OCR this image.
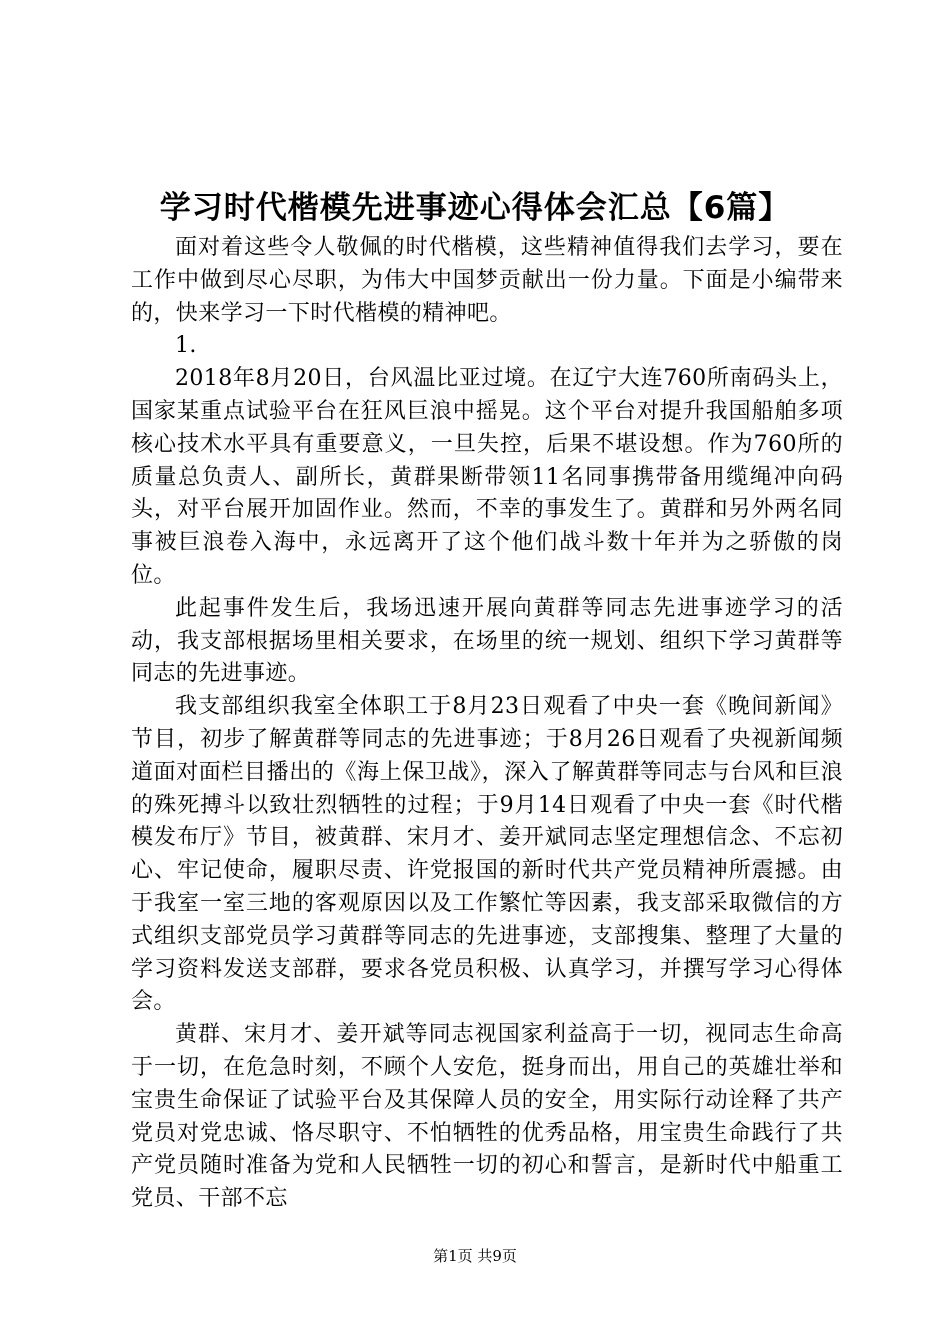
学习时代楷模先进事迹心得体会汇总【6篇】

面对着这些令人敬佩的时代楷模，这些精神值得我们去学习，要在工作中做到尽心尽职，为伟大中国梦贡献出一份力量。下面是小编带来的，快来学习一下时代楷模的精神吧。

1.

2018年8月20日，台风温比亚过境。在辽宁大连760所南码头上，国家某重点试验平台在狂风巨浪中摇晃。这个平台对提升我国船舶多项核心技术水平具有重要意义，一旦失控，后果不堪设想。作为760所的质量总负责人、副所长，黄群果断带领11名同事携带备用缆绳冲向码头，对平台展开加固作业。然而，不幸的事发生了。黄群和另外两名同事被巨浪卷入海中，永远离开了这个他们战斗数十年并为之骄傲的岗位。

此起事件发生后，我场迅速开展向黄群等同志先进事迹学习的活动，我支部根据场里相关要求，在场里的统一规划、组织下学习黄群等同志的先进事迹。

我支部组织我室全体职工于8月23日观看了中央一套《晚间新闻》节目，初步了解黄群等同志的先进事迹；于8月26日观看了央视新闻频道面对面栏目播出的《海上保卫战》，深入了解黄群等同志与台风和巨浪的殊死搏斗以致壮烈牺牲的过程；于9月14日观看了中央一套《时代楷模发布厅》节目，被黄群、宋月才、姜开斌同志坚定理想信念、不忘初心、牢记使命，履职尽责、许党报国的新时代共产党员精神所震撼。由于我室一室三地的客观原因以及工作繁忙等因素，我支部采取微信的方式组织支部党员学习黄群等同志的先进事迹，支部搜集、整理了大量的学习资料发送支部群，要求各党员积极、认真学习，并撰写学习心得体会。

黄群、宋月才、姜开斌等同志视国家利益高于一切，视同志生命高于一切，在危急时刻，不顾个人安危，挺身而出，用自己的英雄壮举和宝贵生命保证了试验平台及其保障人员的安全，用实际行动诠释了共产党员对党忠诚、恪尽职守、不怕牺牲的优秀品格，用宝贵生命践行了共产党员随时准备为党和人民牺牲一切的初心和誓言，是新时代中船重工党员、干部不忘

第1页 共9页
